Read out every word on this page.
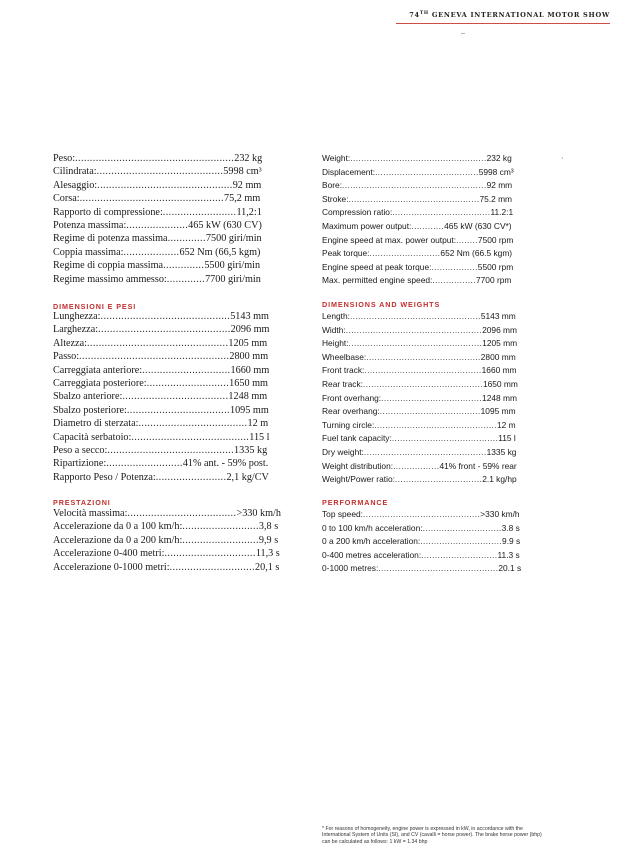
74TH GENEVA INTERNATIONAL MOTOR SHOW
·
Peso:......................................................232 kg
Cilindrata:...........................................5998 cm³
Alesaggio:..............................................92 mm
Corsa:.................................................75,2 mm
Rapporto di compressione:.........................11,2:1
Potenza massima:.....................465 kW (630 CV)
Regime di potenza massima.............7500 giri/min
Coppia massima:...................652 Nm (66,5 kgm)
Regime di coppia massima..............5500 giri/min
Regime massimo ammesso:.............7700 giri/min
DIMENSIONI E PESI
Lunghezza:............................................5143 mm
Larghezza:.............................................2096 mm
Altezza:................................................1205 mm
Passo:...................................................2800 mm
Carreggiata anteriore:..............................1660 mm
Carreggiata posteriore:............................1650 mm
Sbalzo anteriore:....................................1248 mm
Sbalzo posteriore:...................................1095 mm
Diametro di sterzata:.....................................12 m
Capacità serbatoio:........................................115 l
Peso a secco:...........................................1335 kg
Ripartizione:..........................41% ant. - 59% post.
Rapporto Peso / Potenza:........................2,1 kg/CV
PRESTAZIONI
Velocità massima:.....................................>330 km/h
Accelerazione da 0 a 100 km/h:..........................3,8 s
Accelerazione da 0 a 200 km/h:..........................9,9 s
Accelerazione 0-400 metri:...............................11,3 s
Accelerazione 0-1000 metri:.............................20,1 s
Weight:..................................................232 kg
Displacement:......................................5998 cm³
Bore:.....................................................92 mm
Stroke:................................................75.2 mm
Compression ratio:....................................11.2:1
Maximum power output:............465 kW (630 CV*)
Engine speed at max. power output:........7500 rpm
Peak torque:..........................652 Nm (66.5 kgm)
Engine speed at peak torque:.................5500 rpm
Max. permitted engine speed:................7700 rpm
DIMENSIONS AND WEIGHTS
Length:................................................5143 mm
Width:..................................................2096 mm
Height:.................................................1205 mm
Wheelbase:..........................................2800 mm
Front track:...........................................1660 mm
Rear track:............................................1650 mm
Front overhang:.....................................1248 mm
Rear overhang:.....................................1095 mm
Turning circle:.............................................12 m
Fuel tank capacity:.......................................115 l
Dry weight:.............................................1335 kg
Weight distribution:.................41% front - 59% rear
Weight/Power ratio:................................2.1 kg/hp
PERFORMANCE
Top speed:...........................................>330 km/h
0 to 100 km/h acceleration:.............................3.8 s
0 a 200 km/h acceleration:..............................9.9 s
0-400 metres acceleration:............................11.3 s
0-1000 metres:............................................20.1 s
* For reasons of homogeneity, engine power is expressed in kW, in accordance with the
International System of Units (SI), and CV (cavalli = horse power). The brake horse power (bhp)
can be calculated as follows: 1 kW = 1.34 bhp
